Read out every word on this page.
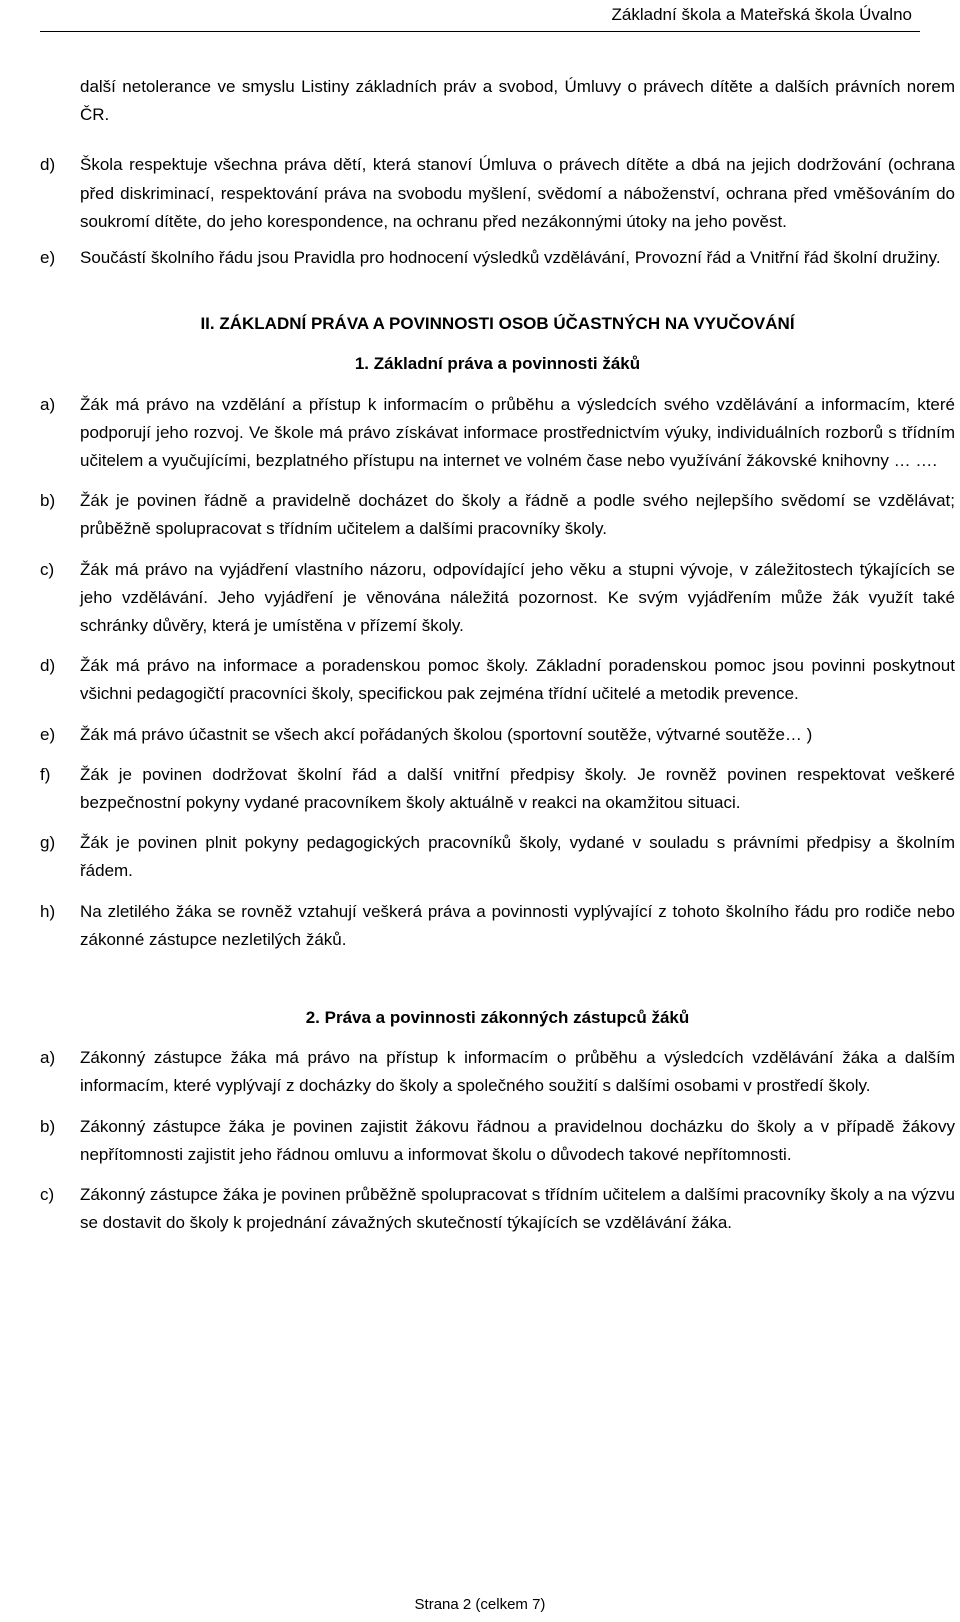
Základní škola a Mateřská škola Úvalno
další netolerance ve smyslu Listiny základních práv a svobod, Úmluvy o právech dítěte a dalších právních norem ČR.
d)	Škola respektuje všechna práva dětí, která stanoví Úmluva o právech dítěte a dbá na jejich dodržování (ochrana před diskriminací, respektování práva na svobodu myšlení, svědomí a náboženství, ochrana před vměšováním do soukromí dítěte, do jeho korespondence, na ochranu před nezákonnými útoky na jeho pověst.
e)	Součástí školního řádu jsou Pravidla pro hodnocení výsledků vzdělávání, Provozní řád a Vnitřní řád školní družiny.
II. ZÁKLADNÍ PRÁVA A POVINNOSTI OSOB ÚČASTNÝCH NA VYUČOVÁNÍ
1. Základní práva a povinnosti žáků
a)	Žák má právo na vzdělání a přístup k informacím o průběhu a výsledcích svého vzdělávání a informacím, které podporují jeho rozvoj. Ve škole má právo získávat informace prostřednictvím výuky, individuálních rozborů s třídním učitelem a vyučujícími, bezplatného přístupu na internet ve volném čase nebo využívání žákovské knihovny … ….
b)	Žák je povinen řádně a pravidelně docházet do školy a řádně a podle svého nejlepšího svědomí se vzdělávat; průběžně spolupracovat s třídním učitelem a dalšími pracovníky školy.
c)	Žák má právo na vyjádření vlastního názoru, odpovídající jeho věku a stupni vývoje, v záležitostech týkajících se jeho vzdělávání. Jeho vyjádření je věnována náležitá pozornost. Ke svým vyjádřením může žák využít také schránky důvěry, která je umístěna v přízemí školy.
d)	Žák má právo na informace a poradenskou pomoc školy. Základní poradenskou pomoc jsou povinni poskytnout všichni pedagogičtí pracovníci školy, specifickou pak zejména třídní učitelé a metodik prevence.
e)	Žák má právo účastnit se všech akcí pořádaných školou (sportovní soutěže, výtvarné soutěže… )
f)	Žák je povinen dodržovat školní řád a další vnitřní předpisy školy. Je rovněž povinen respektovat veškeré bezpečnostní pokyny vydané pracovníkem školy aktuálně v reakci na okamžitou situaci.
g)	Žák je povinen plnit pokyny pedagogických pracovníků školy, vydané v souladu s právními předpisy a školním řádem.
h)	Na zletilého žáka se rovněž vztahují veškerá práva a povinnosti vyplývající z tohoto školního řádu pro rodiče nebo zákonné zástupce nezletilých žáků.
2. Práva a povinnosti zákonných zástupců žáků
a)	Zákonný zástupce žáka má právo na přístup k informacím o průběhu a výsledcích vzdělávání žáka a dalším informacím, které vyplývají z docházky do školy a společného soužití s dalšími osobami v prostředí školy.
b)	Zákonný zástupce žáka je povinen zajistit žákovu řádnou a pravidelnou docházku do školy a v případě žákovy nepřítomnosti zajistit jeho řádnou omluvu a informovat školu o důvodech takové nepřítomnosti.
c)	Zákonný zástupce žáka je povinen průběžně spolupracovat s třídním učitelem a dalšími pracovníky školy a na výzvu se dostavit do školy k projednání závažných skutečností týkajících se vzdělávání žáka.
Strana 2 (celkem 7)
